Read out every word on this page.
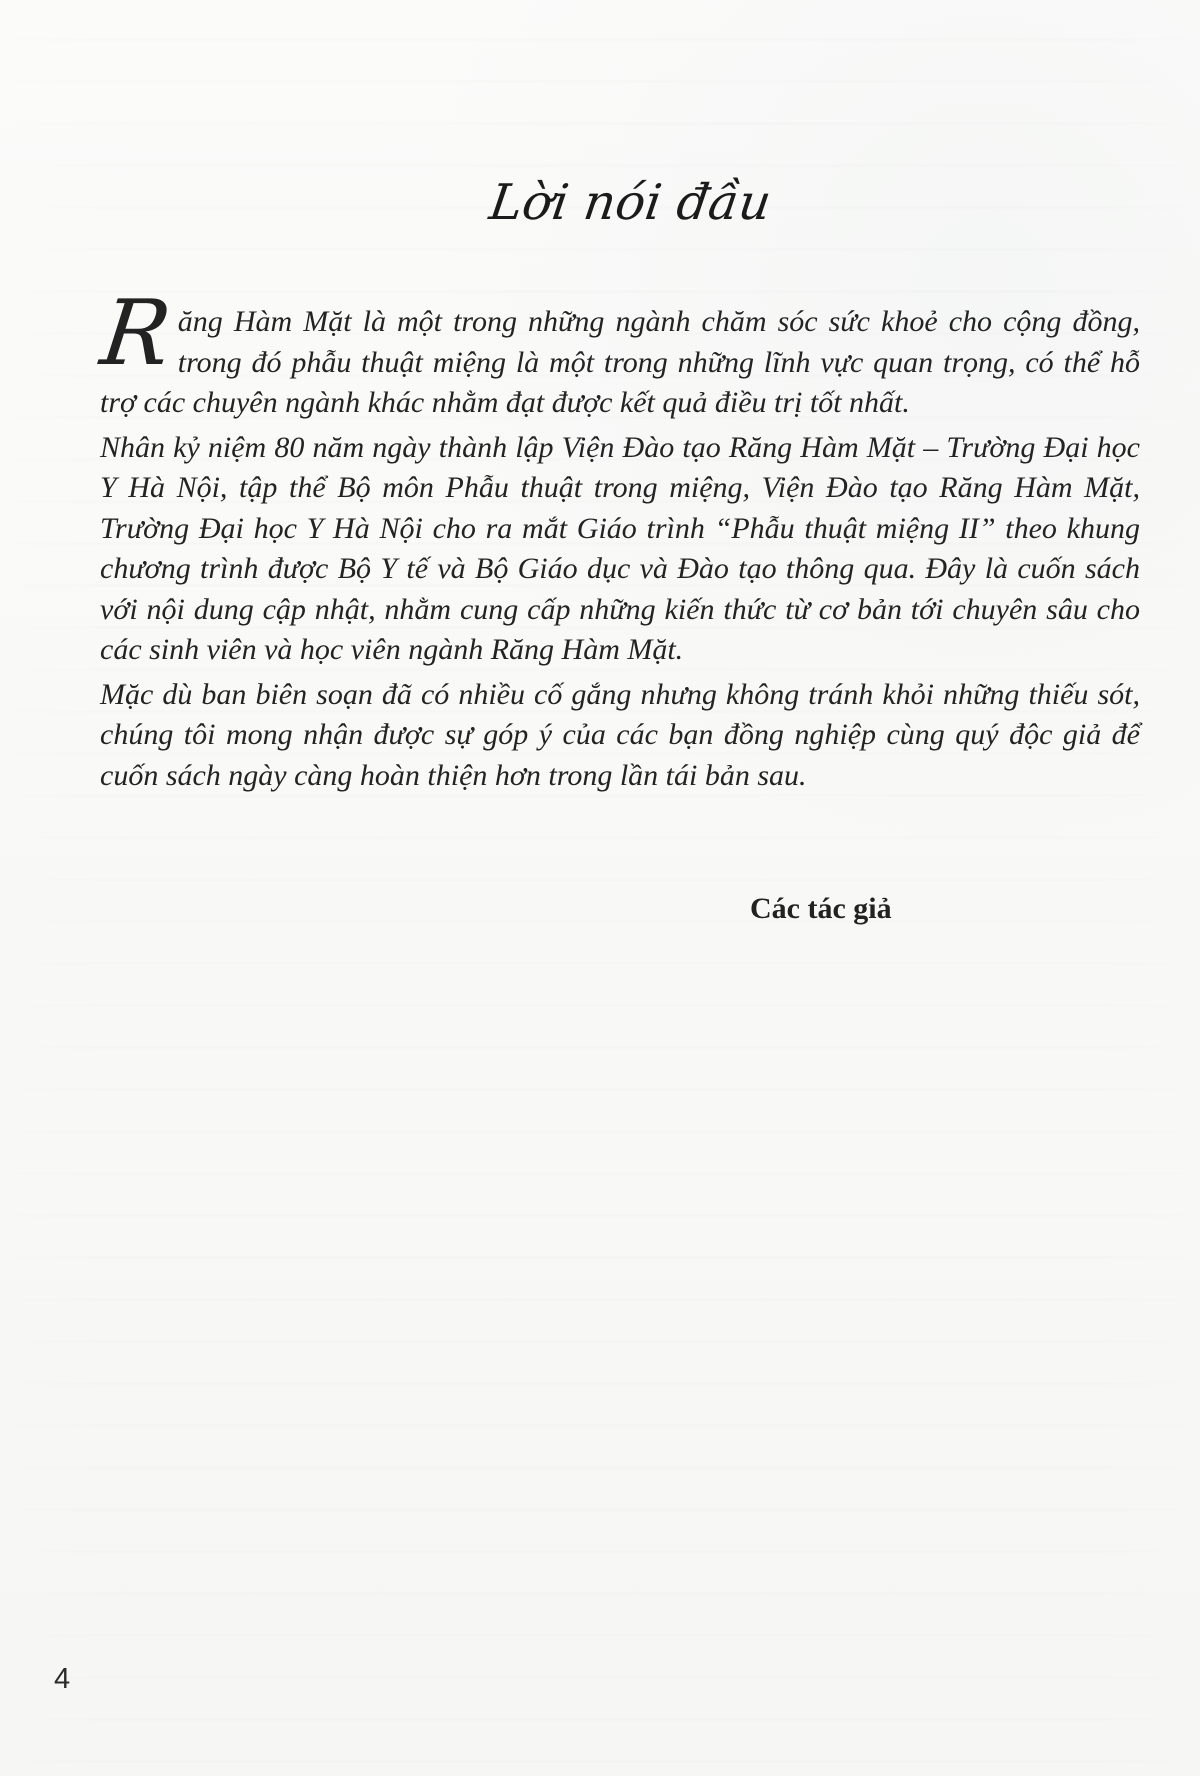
Lời nói đầu

Răng Hàm Mặt là một trong những ngành chăm sóc sức khoẻ cho cộng đồng, trong đó phẫu thuật miệng là một trong những lĩnh vực quan trọng, có thể hỗ trợ các chuyên ngành khác nhằm đạt được kết quả điều trị tốt nhất.

Nhân kỷ niệm 80 năm ngày thành lập Viện Đào tạo Răng Hàm Mặt – Trường Đại học Y Hà Nội, tập thể Bộ môn Phẫu thuật trong miệng, Viện Đào tạo Răng Hàm Mặt, Trường Đại học Y Hà Nội cho ra mắt Giáo trình “Phẫu thuật miệng II” theo khung chương trình được Bộ Y tế và Bộ Giáo dục và Đào tạo thông qua. Đây là cuốn sách với nội dung cập nhật, nhằm cung cấp những kiến thức từ cơ bản tới chuyên sâu cho các sinh viên và học viên ngành Răng Hàm Mặt.

Mặc dù ban biên soạn đã có nhiều cố gắng nhưng không tránh khỏi những thiếu sót, chúng tôi mong nhận được sự góp ý của các bạn đồng nghiệp cùng quý độc giả để cuốn sách ngày càng hoàn thiện hơn trong lần tái bản sau.

Các tác giả
4
